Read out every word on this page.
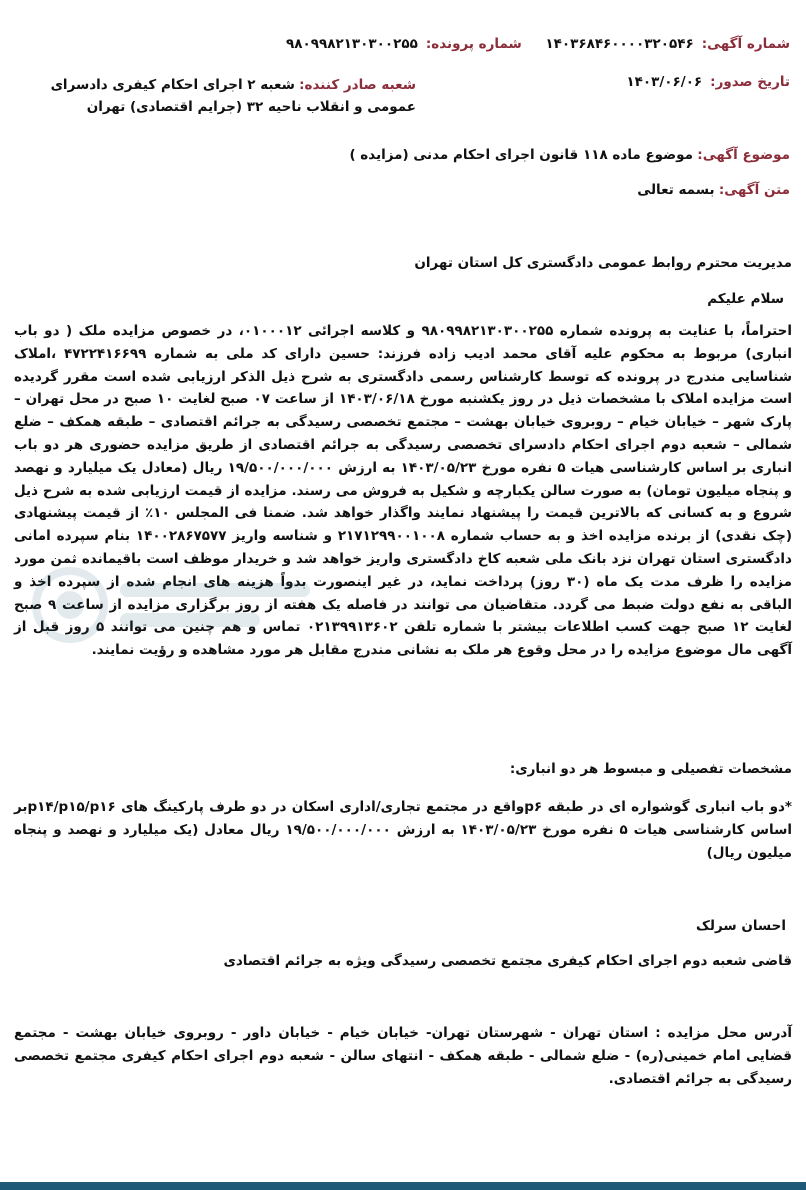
شماره آگهی:
۱۴۰۳۶۸۴۶۰۰۰۰۳۲۰۵۴۶
شماره پرونده:
۹۸۰۹۹۸۲۱۳۰۳۰۰۲۵۵
تاریخ صدور:
۱۴۰۳/۰۶/۰۶
شعبه صادر کننده: شعبه ۲ اجرای احکام کیفری دادسرای عمومی و انقلاب ناحیه ۳۲ (جرایم اقتصادی) تهران
موضوع آگهی: موضوع ماده ۱۱۸ قانون اجرای احکام مدنی (مزایده )
متن آگهی: بسمه تعالی
مدیریت محترم روابط عمومی دادگستری کل استان تهران
سلام علیکم

احتراماً، با عنایت به پرونده شماره ۹۸۰۹۹۸۲۱۳۰۳۰۰۲۵۵ و کلاسه اجرائی ۰۱۰۰۰۱۲، در خصوص مزایده ملک ( دو باب انباری) مربوط به محکوم علیه آقای محمد ادیب زاده فرزند: حسین دارای کد ملی به شماره ۴۷۲۲۴۱۶۶۹۹ ،املاک شناسایی مندرج در پرونده که توسط کارشناس رسمی دادگستری به شرح ذیل الذکر ارزیابی شده است مقرر گردیده است مزایده املاک با مشخصات ذیل در روز یکشنبه مورخ ۱۴۰۳/۰۶/۱۸ از ساعت ۰۷ صبح لغایت ۱۰ صبح در محل تهران – پارک شهر – خیابان خیام – روبروی خیابان بهشت – مجتمع تخصصی رسیدگی به جرائم اقتصادی – طبقه همکف – ضلع شمالی – شعبه دوم اجرای احکام دادسرای تخصصی رسیدگی به جرائم اقتصادی از طریق مزایده حضوری هر دو باب انباری بر اساس کارشناسی هیات ۵ نفره مورخ ۱۴۰۳/۰۵/۲۳ به ارزش ۱۹/۵۰۰/۰۰۰/۰۰۰ ریال (معادل یک میلیارد و نهصد و پنجاه میلیون تومان) به صورت سالن یکبارچه و شکیل به فروش می رسند. مزایده از قیمت ارزیابی شده به شرح ذیل شروع و به کسانی که بالاترین قیمت را پیشنهاد نمایند واگذار خواهد شد. ضمنا فی المجلس ۱۰٪ از قیمت پیشنهادی (چک نقدی) از برنده مزایده اخذ و به حساب شماره ۲۱۷۱۲۹۹۰۰۱۰۰۸ و شناسه واریز ۱۴۰۰۲۸۶۷۵۷۷ بنام سپرده امانی دادگستری استان تهران نزد بانک ملی شعبه کاخ دادگستری واریز خواهد شد و خریدار موظف است باقیمانده ثمن مورد مزایده را ظرف مدت یک ماه (۳۰ روز) پرداخت نماید، در غیر اینصورت بدواً هزینه های انجام شده از سپرده اخذ و الباقی به نفع دولت ضبط می گردد. متقاضیان می توانند در فاصله یک هفته از روز برگزاری مزایده از ساعت ۹ صبح لغایت ۱۲ صبح جهت کسب اطلاعات بیشتر با شماره تلفن ۰۲۱۳۹۹۱۳۶۰۲ تماس و هم چنین می توانند ۵ روز قبل از آگهی مال موضوع مزایده را در محل وقوع هر ملک به نشانی مندرج مقابل هر مورد مشاهده و رؤیت نمایند.

مشخصات تفصیلی و مبسوط هر دو انباری:

*دو باب انباری گوشواره ای در طبقه p۶واقع در مجتمع تجاری/اداری اسکان در دو طرف پارکینگ های p۱۴/p۱۵/p۱۶بر اساس کارشناسی هیات ۵ نفره مورخ ۱۴۰۳/۰۵/۲۳ به ارزش ۱۹/۵۰۰/۰۰۰/۰۰۰ ریال معادل (یک میلیارد و نهصد و پنجاه میلیون ریال)

احسان سرلک
قاضی شعبه دوم اجرای احکام کیفری مجتمع تخصصی رسیدگی ویژه به جرائم اقتصادی

آدرس محل مزایده : استان تهران - شهرستان تهران- خیابان خیام - خیابان داور - روبروی خیابان بهشت - مجتمع قضایی امام خمینی(ره) - ضلع شمالی - طبقه همکف - انتهای سالن - شعبه دوم اجرای احکام کیفری مجتمع تخصصی رسیدگی به جرائم اقتصادی.
